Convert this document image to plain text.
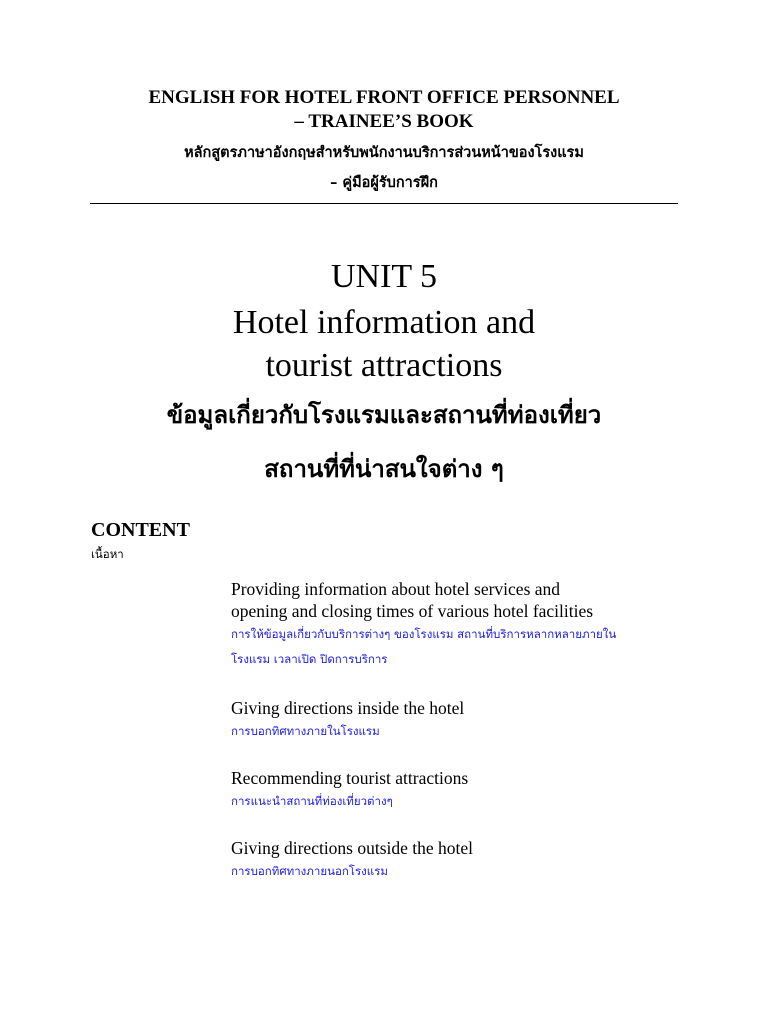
ENGLISH FOR HOTEL FRONT OFFICE PERSONNEL

– TRAINEE’S BOOK

หลักสูตรภาษาอังกฤษสำหรับพนักงานบริการส่วนหน้าของโรงแรม

– คู่มือผู้รับการฝึก

UNIT 5

Hotel information and

tourist attractions

ข้อมูลเกี่ยวกับโรงแรมและสถานที่ท่องเที่ยว

สถานที่ที่น่าสนใจต่าง ๆ

CONTENT

เนื้อหา

Providing information about hotel services and

opening and closing times of various hotel facilities

การให้ข้อมูลเกี่ยวกับบริการต่างๆ ของโรงแรม สถานที่บริการหลากหลายภายใน

โรงแรม เวลาเปิด ปิดการบริการ

Giving directions inside the hotel

การบอกทิศทางภายในโรงแรม

Recommending tourist attractions

การแนะนำสถานที่ท่องเที่ยวต่างๆ

Giving directions outside the hotel

การบอกทิศทางภายนอกโรงแรม
